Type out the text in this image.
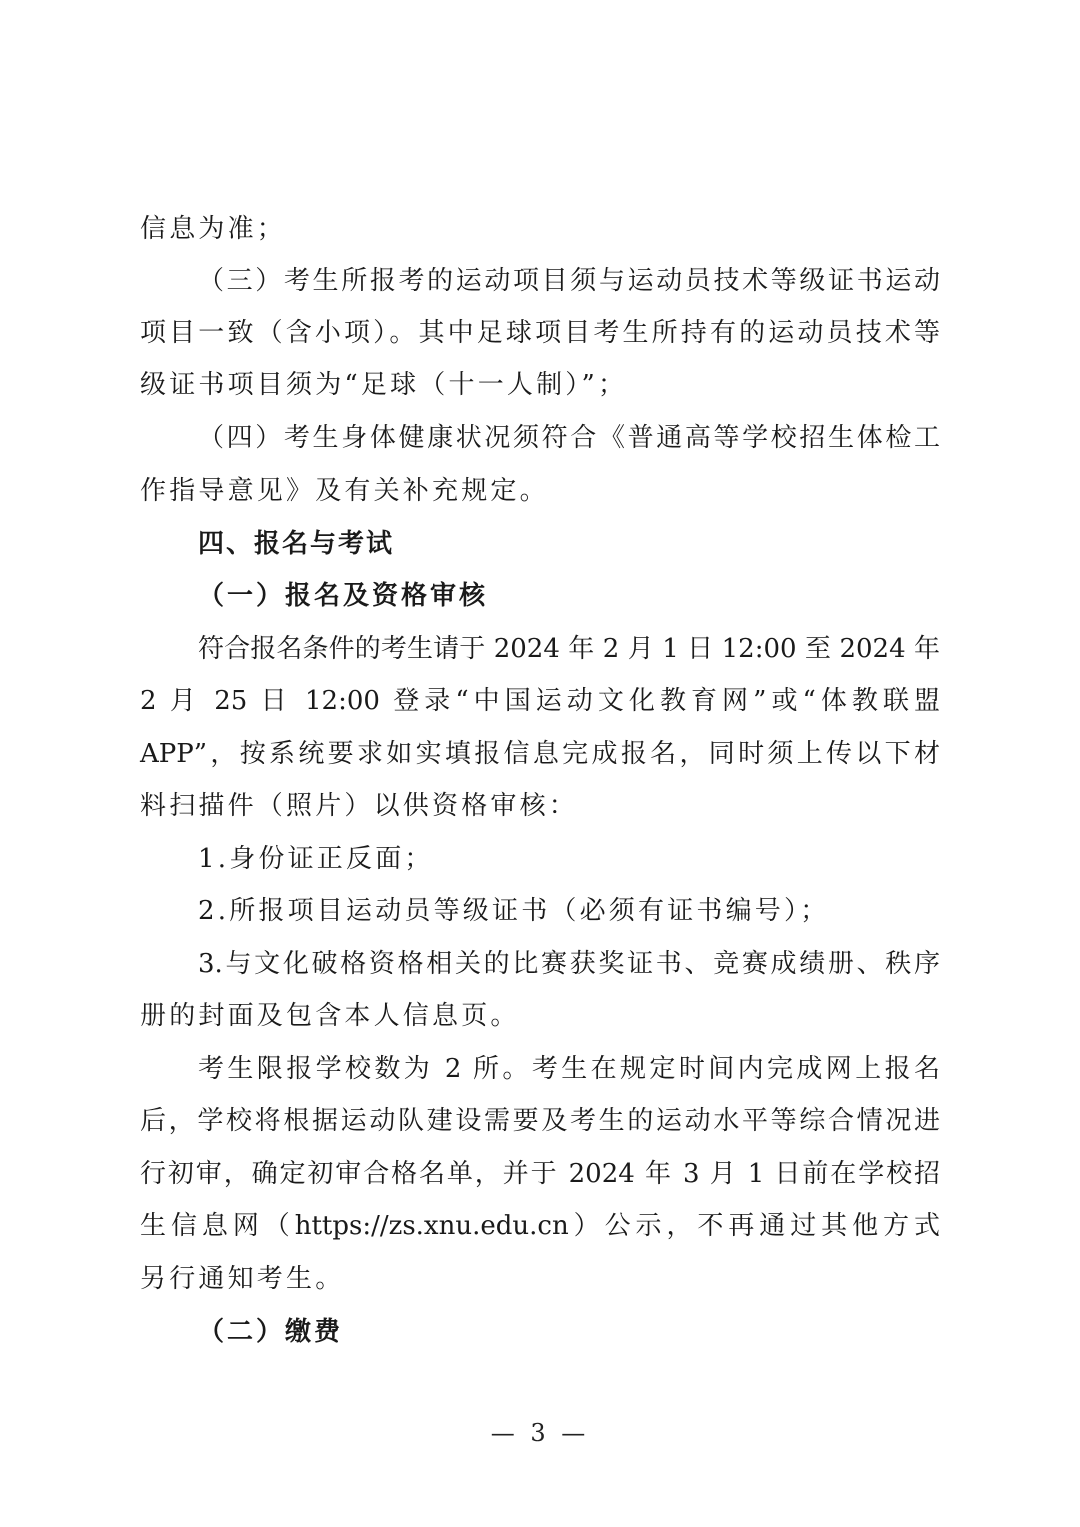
信息为准；
（三）考生所报考的运动项目须与运动员技术等级证书运动
项目一致（含小项）。其中足球项目考生所持有的运动员技术等
级证书项目须为“足球（十一人制）”；
（四）考生身体健康状况须符合《普通高等学校招生体检工
作指导意见》及有关补充规定。
符合报名条件的考生请于 2024 年 2 月 1 日 12:00 至 2024 年
2 月 25 日 12:00 登录“中国运动文化教育网”或“体教联盟
APP”，按系统要求如实填报信息完成报名，同时须上传以下材
料扫描件（照片）以供资格审核：
1.身份证正反面；
2.所报项目运动员等级证书（必须有证书编号）；
3.与文化破格资格相关的比赛获奖证书、竞赛成绩册、秩序
册的封面及包含本人信息页。
考生限报学校数为 2 所。考生在规定时间内完成网上报名
后，学校将根据运动队建设需要及考生的运动水平等综合情况进
行初审，确定初审合格名单，并于 2024 年 3 月 1 日前在学校招
生信息网（https://zs.xnu.edu.cn）公示，不再通过其他方式
另行通知考生。
四、报名与考试
（一）报名及资格审核
（二）缴费
— 3 —
